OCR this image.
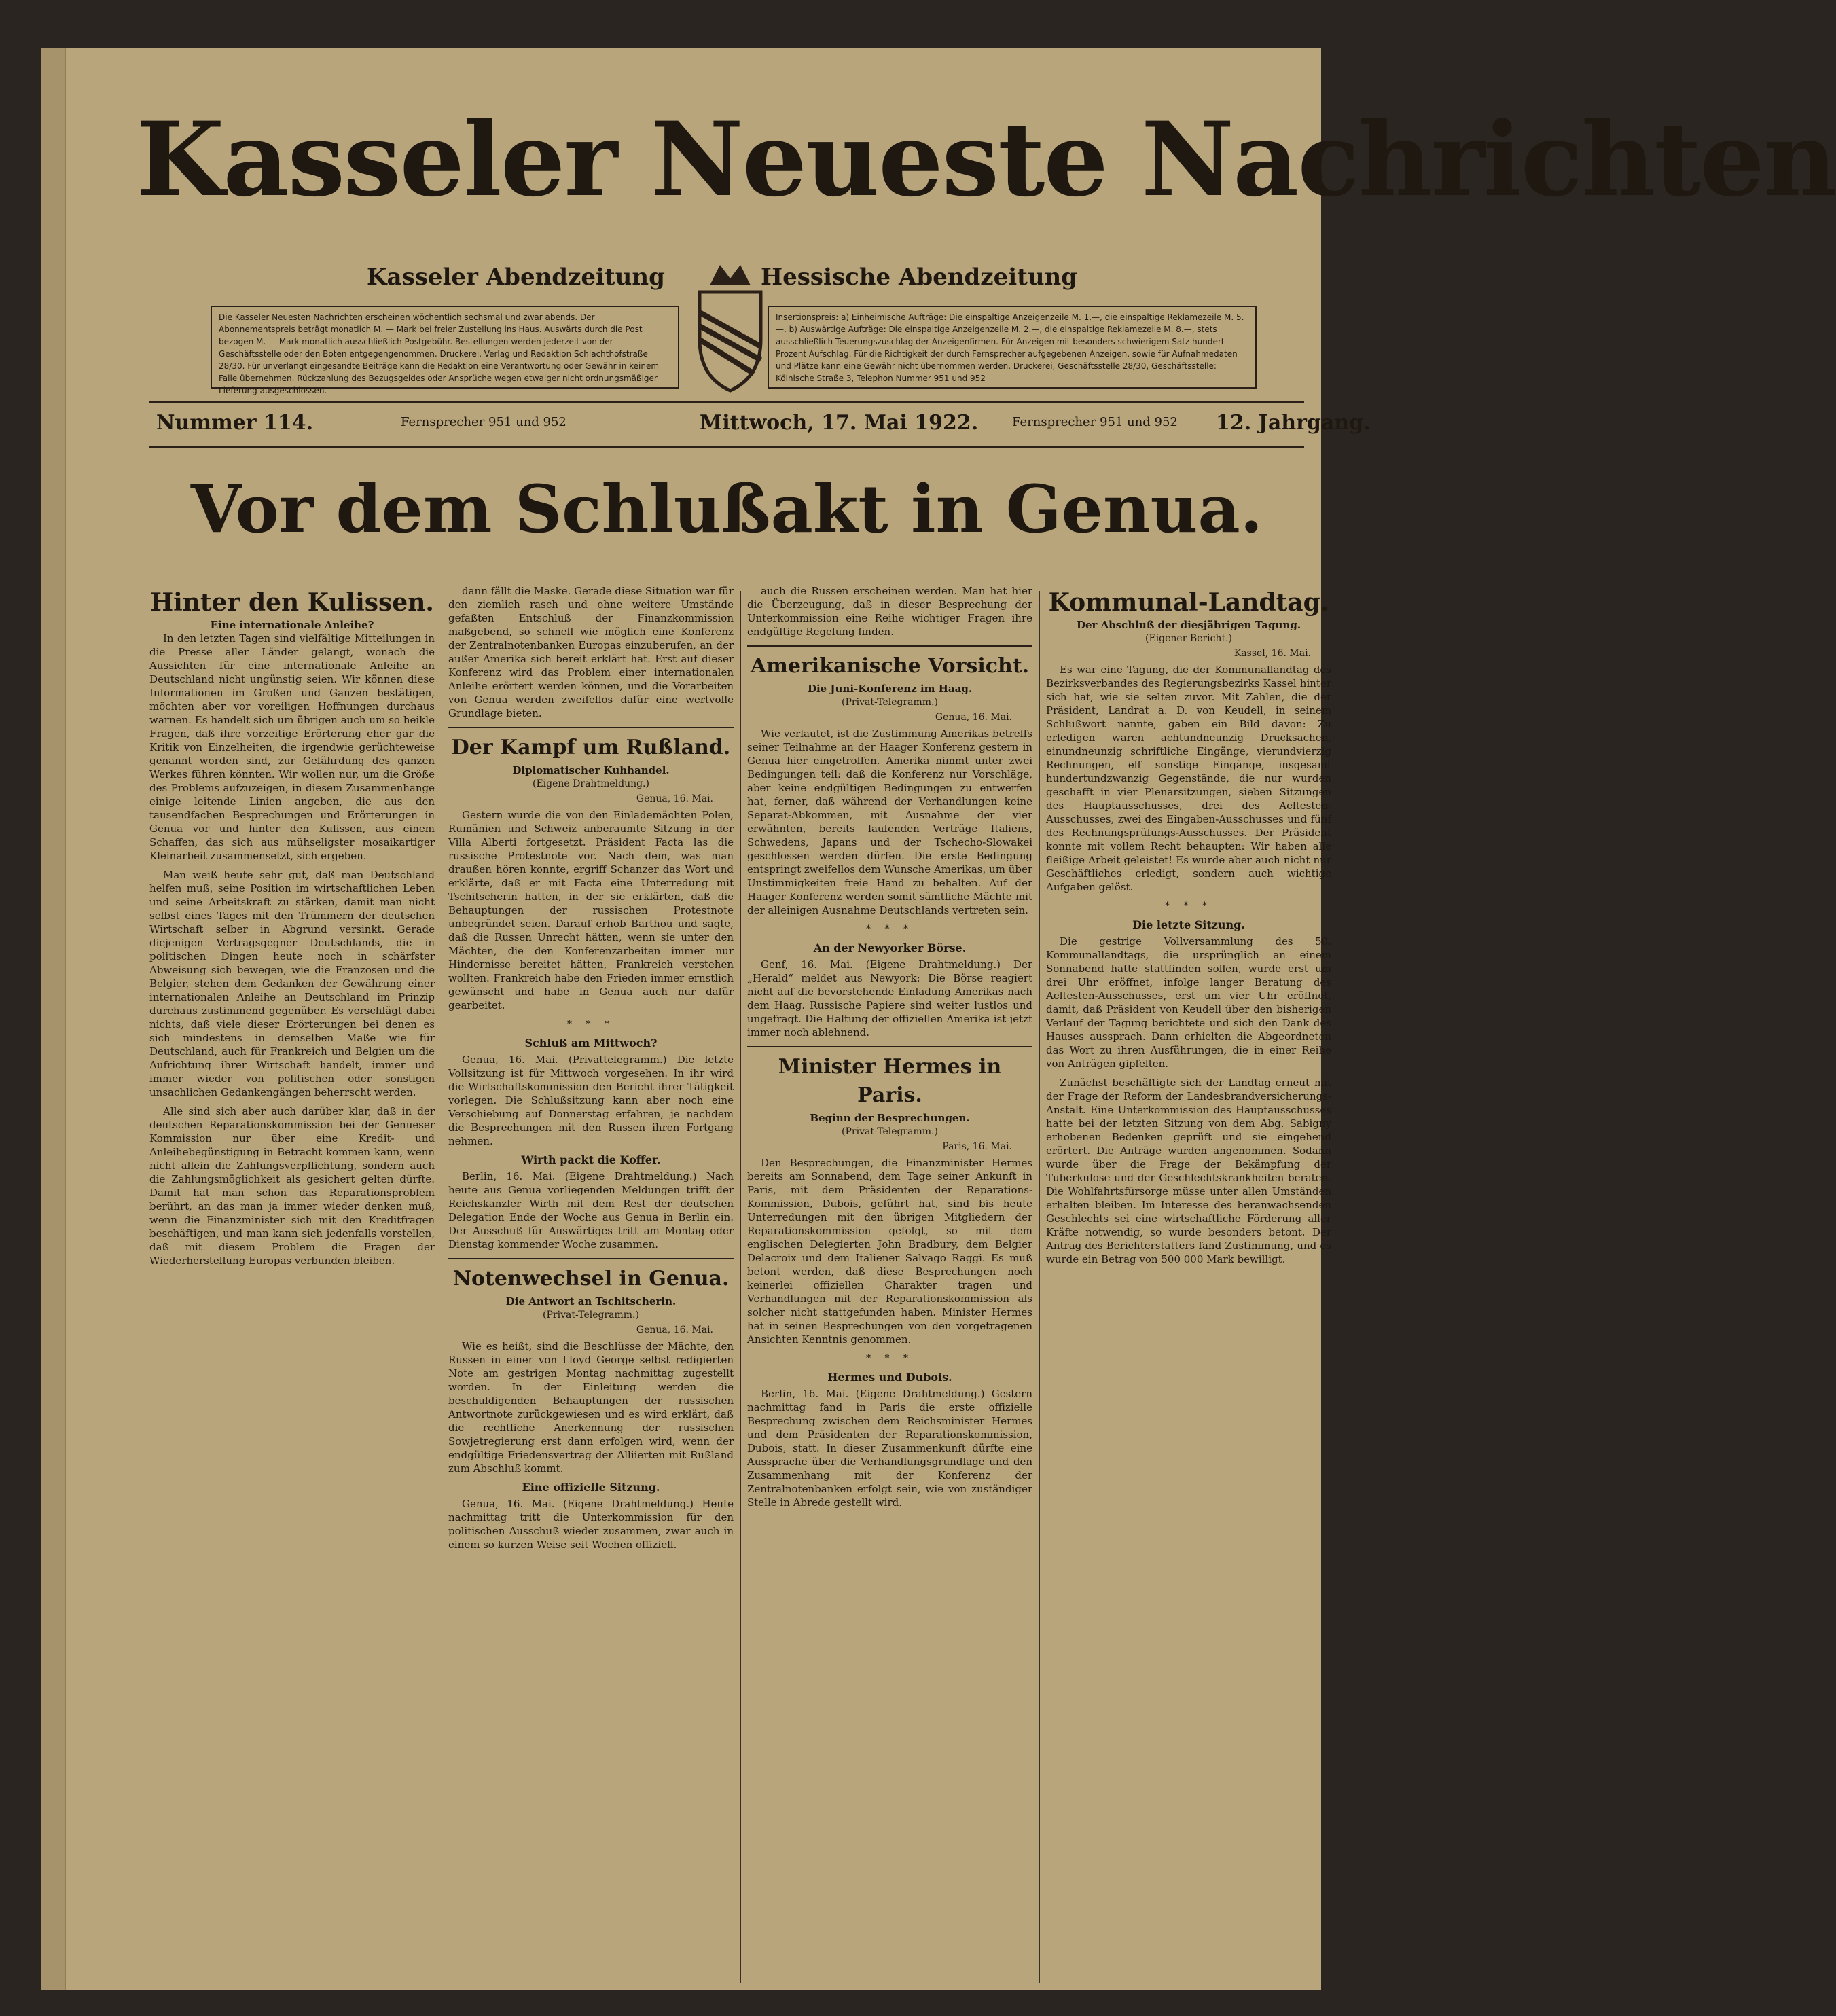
Kasseler Neueste Nachrichten
Kasseler Abendzeitung	Hessische Abendzeitung
Die Kasseler Neuesten Nachrichten erscheinen wöchentlich sechsmal und zwar abends. Der Abonnementspreis beträgt monatlich M. — Mark bei freier Zustellung ins Haus. Auswärts durch die Post bezogen M. — Mark monatlich ausschließlich Postgebühr. Bestellungen werden jederzeit von der Geschäftsstelle oder den Boten entgegengenommen. Druckerei, Verlag und Redaktion Schlachthofstraße 28/30. Für unverlangt eingesandte Beiträge kann die Redaktion eine Verantwortung oder Gewähr in keinem Falle übernehmen. Rückzahlung des Bezugsgeldes oder Ansprüche wegen etwaiger nicht ordnungsmäßiger Lieferung ausgeschlossen.
Insertionspreis: a) Einheimische Aufträge: Die einspaltige Anzeigenzeile M. 1.—, die einspaltige Reklamezeile M. 5.—. b) Auswärtige Aufträge: Die einspaltige Anzeigenzeile M. 2.—, die einspaltige Reklamezeile M. 8.—, stets ausschließlich Teuerungszuschlag der Anzeigenfirmen. Für Anzeigen mit besonders schwierigem Satz hundert Prozent Aufschlag. Für die Richtigkeit der durch Fernsprecher aufgegebenen Anzeigen, sowie für Aufnahmedaten und Plätze kann eine Gewähr nicht übernommen werden. Druckerei, Geschäftsstelle 28/30, Geschäftsstelle: Kölnische Straße 3, Telephon Nummer 951 und 952
Nummer 114.	Fernsprecher 951 und 952	Mittwoch, 17. Mai 1922.	Fernsprecher 951 und 952 12. Jahrgang.
Vor dem Schlußakt in Genua.
Hinter den Kulissen.

Eine internationale Anleihe?

In den letzten Tagen sind vielfältige Mitteilungen in die Presse aller Länder gelangt, wonach die Aussichten für eine internationale Anleihe an Deutschland nicht ungünstig seien. Wir können diese Informationen im Großen und Ganzen bestätigen, möchten aber vor voreiligen Hoffnungen durchaus warnen. Es handelt sich um übrigen auch um so heikle Fragen, daß ihre vorzeitige Erörterung eher gar die Kritik von Einzelheiten, die irgendwie gerüchteweise genannt worden sind, zur Gefährdung des ganzen Werkes führen könnten. Wir wollen nur, um die Größe des Problems aufzuzeigen, in diesem Zusammenhange einige leitende Linien angeben, die aus den tausendfachen Besprechungen und Erörterungen in Genua vor und hinter den Kulissen, aus einem Schaffen, das sich aus mühseligster mosaikartiger Kleinarbeit zusammensetzt, sich ergeben.

Man weiß heute sehr gut, daß man Deutschland helfen muß, seine Position im wirtschaftlichen Leben und seine Arbeitskraft zu stärken, damit man nicht selbst eines Tages mit den Trümmern der deutschen Wirtschaft selber in Abgrund versinkt. Gerade diejenigen Vertragsgegner Deutschlands, die in politischen Dingen heute noch in schärfster Abweisung sich bewegen, wie die Franzosen und die Belgier, stehen dem Gedanken der Gewährung einer internationalen Anleihe an Deutschland im Prinzip durchaus zustimmend gegenüber. Es verschlägt dabei nichts, daß viele dieser Erörterungen bei denen es sich mindestens in demselben Maße wie für Deutschland, auch für Frankreich und Belgien um die Aufrichtung ihrer Wirtschaft handelt, immer und immer wieder von politischen oder sonstigen unsachlichen Gedankengängen beherrscht werden.

Alle sind sich aber auch darüber klar, daß in der deutschen Reparationskommission bei der Genueser Kommission nur über eine Kredit- und Anleihebegünstigung in Betracht kommen kann, wenn nicht allein die Zahlungsverpflichtung, sondern auch die Zahlungsmöglichkeit als gesichert gelten dürfte. Damit hat man schon das Reparationsproblem berührt, an das man ja immer wieder denken muß, wenn die Finanzminister sich mit den Kreditfragen beschäftigen, und man kann sich jedenfalls vorstellen, daß mit diesem Problem die Fragen der Wiederherstellung Europas verbunden bleiben.

dann fällt die Maske. Gerade diese Situation war für den ziemlich rasch und ohne weitere Umstände gefaßten Entschluß der Finanzkommission maßgebend, so schnell wie möglich eine Konferenz der Zentralnotenbanken Europas einzuberufen, an der außer Amerika sich bereit erklärt hat. Erst auf dieser Konferenz wird das Problem einer internationalen Anleihe erörtert werden können, und die Vorarbeiten von Genua werden zweifellos dafür eine wertvolle Grundlage bieten.

Der Kampf um Rußland.

Diplomatischer Kuhhandel.

(Eigene Drahtmeldung.)

Genua, 16. Mai.

Gestern wurde die von den Einlademächten Polen, Rumänien und Schweiz anberaumte Sitzung in der Villa Alberti fortgesetzt. Präsident Facta las die russische Protestnote vor. Nach dem, was man draußen hören konnte, ergriff Schanzer das Wort und erklärte, daß er mit Facta eine Unterredung mit Tschitscherin hatten, in der sie erklärten, daß die Behauptungen der russischen Protestnote unbegründet seien. Darauf erhob Barthou und sagte, daß die Russen Unrecht hätten, wenn sie unter den Mächten, die den Konferenzarbeiten immer nur Hindernisse bereitet hätten, Frankreich verstehen wollten. Frankreich habe den Frieden immer ernstlich gewünscht und habe in Genua auch nur dafür gearbeitet.

* * *
Schluß am Mittwoch?

Genua, 16. Mai. (Privattelegramm.) Die letzte Vollsitzung ist für Mittwoch vorgesehen. In ihr wird die Wirtschaftskommission den Bericht ihrer Tätigkeit vorlegen. Die Schlußsitzung kann aber noch eine Verschiebung auf Donnerstag erfahren, je nachdem die Besprechungen mit den Russen ihren Fortgang nehmen.

Wirth packt die Koffer.

Berlin, 16. Mai. (Eigene Drahtmeldung.) Nach heute aus Genua vorliegenden Meldungen trifft der Reichskanzler Wirth mit dem Rest der deutschen Delegation Ende der Woche aus Genua in Berlin ein. Der Ausschuß für Auswärtiges tritt am Montag oder Dienstag kommender Woche zusammen.

Notenwechsel in Genua.

Die Antwort an Tschitscherin.

(Privat-Telegramm.)

Genua, 16. Mai.

Wie es heißt, sind die Beschlüsse der Mächte, den Russen in einer von Lloyd George selbst redigierten Note am gestrigen Montag nachmittag zugestellt worden. In der Einleitung werden die beschuldigenden Behauptungen der russischen Antwortnote zurückgewiesen und es wird erklärt, daß die rechtliche Anerkennung der russischen Sowjetregierung erst dann erfolgen wird, wenn der endgültige Friedensvertrag der Alliierten mit Rußland zum Abschluß kommt.

Eine offizielle Sitzung.

Genua, 16. Mai. (Eigene Drahtmeldung.) Heute nachmittag tritt die Unterkommission für den politischen Ausschuß wieder zusammen, zwar auch in einem so kurzen Weise seit Wochen offiziell.

auch die Russen erscheinen werden. Man hat hier die Überzeugung, daß in dieser Besprechung der Unterkommission eine Reihe wichtiger Fragen ihre endgültige Regelung finden.

Amerikanische Vorsicht.

Die Juni-Konferenz im Haag.

(Privat-Telegramm.)

Genua, 16. Mai.

Wie verlautet, ist die Zustimmung Amerikas betreffs seiner Teilnahme an der Haager Konferenz gestern in Genua hier eingetroffen. Amerika nimmt unter zwei Bedingungen teil: daß die Konferenz nur Vorschläge, aber keine endgültigen Bedingungen zu entwerfen hat, ferner, daß während der Verhandlungen keine Separat-Abkommen, mit Ausnahme der vier erwähnten, bereits laufenden Verträge Italiens, Schwedens, Japans und der Tschecho-Slowakei geschlossen werden dürfen. Die erste Bedingung entspringt zweifellos dem Wunsche Amerikas, um über Unstimmigkeiten freie Hand zu behalten. Auf der Haager Konferenz werden somit sämtliche Mächte mit der alleinigen Ausnahme Deutschlands vertreten sein.

* * *
An der Newyorker Börse.

Genf, 16. Mai. (Eigene Drahtmeldung.) Der „Herald“ meldet aus Newyork: Die Börse reagiert nicht auf die bevorstehende Einladung Amerikas nach dem Haag. Russische Papiere sind weiter lustlos und ungefragt. Die Haltung der offiziellen Amerika ist jetzt immer noch ablehnend.

Minister Hermes in Paris.

Beginn der Besprechungen.

(Privat-Telegramm.)

Paris, 16. Mai.

Den Besprechungen, die Finanzminister Hermes bereits am Sonnabend, dem Tage seiner Ankunft in Paris, mit dem Präsidenten der Reparations-Kommission, Dubois, geführt hat, sind bis heute Unterredungen mit den übrigen Mitgliedern der Reparationskommission gefolgt, so mit dem englischen Delegierten John Bradbury, dem Belgier Delacroix und dem Italiener Salvago Raggi. Es muß betont werden, daß diese Besprechungen noch keinerlei offiziellen Charakter tragen und Verhandlungen mit der Reparationskommission als solcher nicht stattgefunden haben. Minister Hermes hat in seinen Besprechungen von den vorgetragenen Ansichten Kenntnis genommen.

* * *
Hermes und Dubois.

Berlin, 16. Mai. (Eigene Drahtmeldung.) Gestern nachmittag fand in Paris die erste offizielle Besprechung zwischen dem Reichsminister Hermes und dem Präsidenten der Reparationskommission, Dubois, statt. In dieser Zusammenkunft dürfte eine Aussprache über die Verhandlungsgrundlage und den Zusammenhang mit der Konferenz der Zentralnotenbanken erfolgt sein, wie von zuständiger Stelle in Abrede gestellt wird.

Kommunal-Landtag.

Der Abschluß der diesjährigen Tagung.

(Eigener Bericht.)

Kassel, 16. Mai.

Es war eine Tagung, die der Kommunallandtag des Bezirksverbandes des Regierungsbezirks Kassel hinter sich hat, wie sie selten zuvor. Mit Zahlen, die der Präsident, Landrat a. D. von Keudell, in seinem Schlußwort nannte, gaben ein Bild davon: Zu erledigen waren achtundneunzig Drucksachen, einundneunzig schriftliche Eingänge, vierundvierzig Rechnungen, elf sonstige Eingänge, insgesamt hundertundzwanzig Gegenstände, die nur wurden geschafft in vier Plenarsitzungen, sieben Sitzungen des Hauptausschusses, drei des Aeltesten-Ausschusses, zwei des Eingaben-Ausschusses und fünf des Rechnungsprüfungs-Ausschusses. Der Präsident konnte mit vollem Recht behaupten: Wir haben alle fleißige Arbeit geleistet! Es wurde aber auch nicht nur Geschäftliches erledigt, sondern auch wichtige Aufgaben gelöst.

* * *
Die letzte Sitzung.

Die gestrige Vollversammlung des 50. Kommunallandtags, die ursprünglich an einem Sonnabend hatte stattfinden sollen, wurde erst um drei Uhr eröffnet, infolge langer Beratung des Aeltesten-Ausschusses, erst um vier Uhr eröffnet, damit, daß Präsident von Keudell über den bisherigen Verlauf der Tagung berichtete und sich den Dank des Hauses aussprach. Dann erhielten die Abgeordneten das Wort zu ihren Ausführungen, die in einer Reihe von Anträgen gipfelten.

Zunächst beschäftigte sich der Landtag erneut mit der Frage der Reform der Landesbrandversicherungs-Anstalt. Eine Unterkommission des Hauptausschusses hatte bei der letzten Sitzung von dem Abg. Sabigny erhobenen Bedenken geprüft und sie eingehend erörtert. Die Anträge wurden angenommen. Sodann wurde über die Frage der Bekämpfung der Tuberkulose und der Geschlechtskrankheiten beraten. Die Wohlfahrtsfürsorge müsse unter allen Umständen erhalten bleiben. Im Interesse des heranwachsenden Geschlechts sei eine wirtschaftliche Förderung aller Kräfte notwendig, so wurde besonders betont. Der Antrag des Berichterstatters fand Zustimmung, und es wurde ein Betrag von 500 000 Mark bewilligt.
